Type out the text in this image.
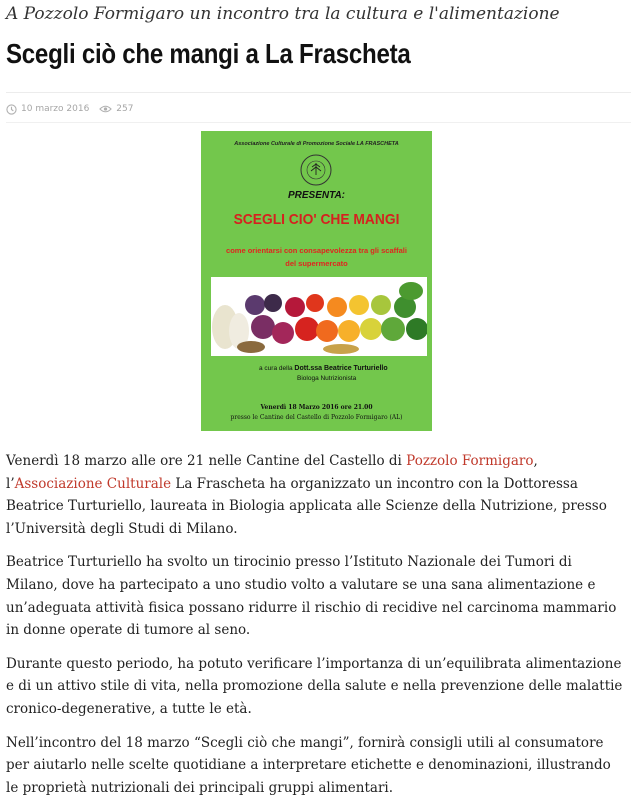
A Pozzolo Formigaro un incontro tra la cultura e l'alimentazione
Scegli ciò che mangi a La Frascheta
10 marzo 2016	257
Associazione Culturale di Promozione Sociale LA FRASCHETA
PRESENTA:
SCEGLI CIO' CHE MANGI
come orientarsi con consapevolezza tra gli scaffali del supermercato
a cura della Dott.ssa Beatrice Turturiello
Biologa Nutrizionista
Venerdì 18 Marzo 2016 ore 21.00
presso le Cantine del Castello di Pozzolo Formigaro (AL)

Venerdì 18 marzo alle ore 21 nelle Cantine del Castello di Pozzolo Formigaro, l’Associazione Culturale La Frascheta ha organizzato un incontro con la Dottoressa Beatrice Turturiello, laureata in Biologia applicata alle Scienze della Nutrizione, presso l’Università degli Studi di Milano.

Beatrice Turturiello ha svolto un tirocinio presso l’Istituto Nazionale dei Tumori di Milano, dove ha partecipato a uno studio volto a valutare se una sana alimentazione e un’adeguata attività fisica possano ridurre il rischio di recidive nel carcinoma mammario in donne operate di tumore al seno.

Durante questo periodo, ha potuto verificare l’importanza di un’equilibrata alimentazione e di un attivo stile di vita, nella promozione della salute e nella prevenzione delle malattie cronico-degenerative, a tutte le età.

Nell’incontro del 18 marzo “Scegli ciò che mangi”, fornirà consigli utili al consumatore per aiutarlo nelle scelte quotidiane a interpretare etichette e denominazioni, illustrando le proprietà nutrizionali dei principali gruppi alimentari.
